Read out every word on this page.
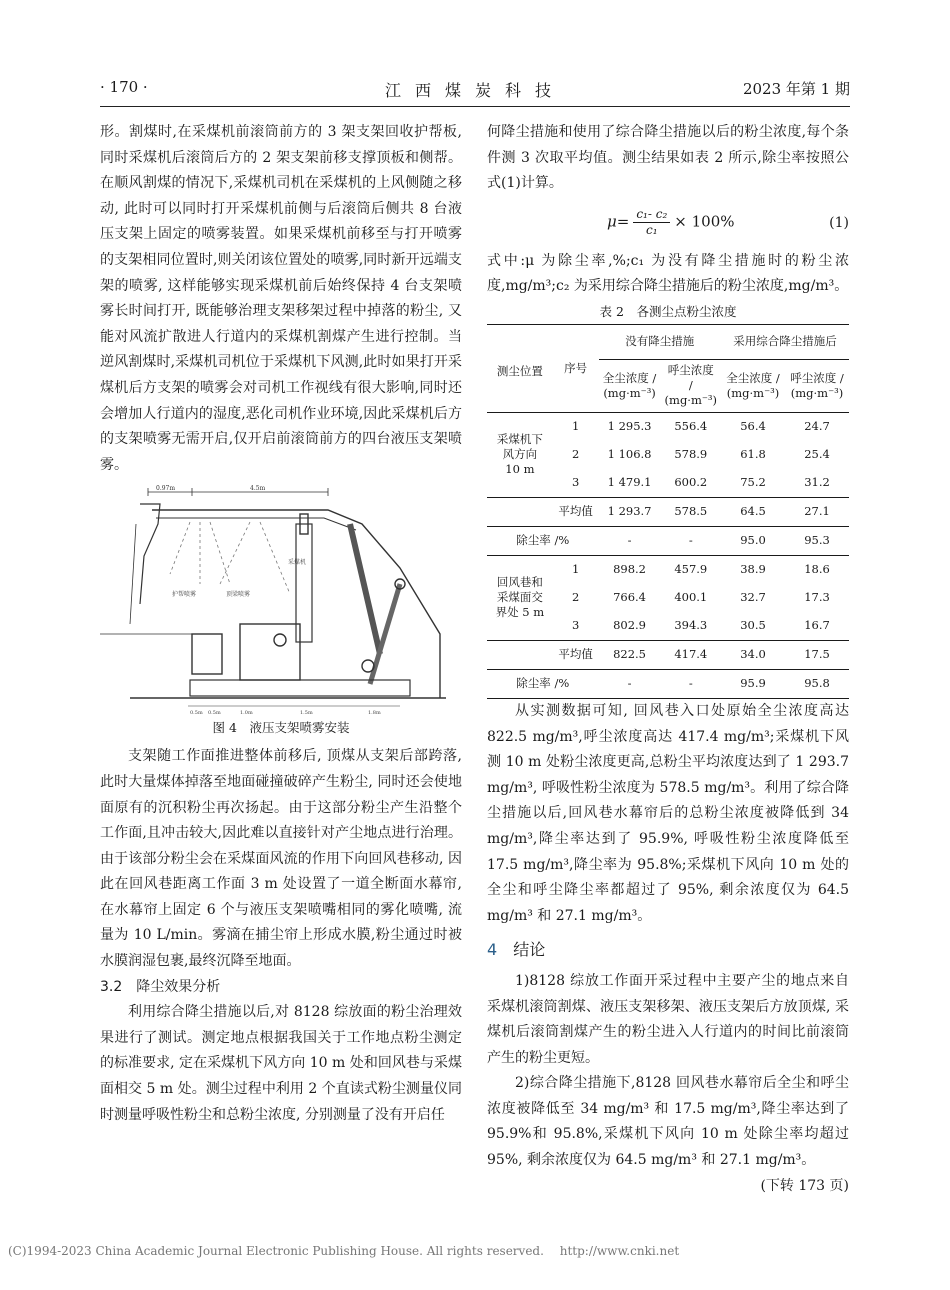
· 170 ·	江西煤炭科技	2023 年第 1 期

形。割煤时,在采煤机前滚筒前方的 3 架支架回收护帮板, 同时采煤机后滚筒后方的 2 架支架前移支撑顶板和侧帮。在顺风割煤的情况下,采煤机司机在采煤机的上风侧随之移动, 此时可以同时打开采煤机前侧与后滚筒后侧共 8 台液压支架上固定的喷雾装置。如果采煤机前移至与打开喷雾的支架相同位置时,则关闭该位置处的喷雾,同时新开远端支架的喷雾, 这样能够实现采煤机前后始终保持 4 台支架喷雾长时间打开, 既能够治理支架移架过程中掉落的粉尘, 又能对风流扩散进人行道内的采煤机割煤产生进行控制。当逆风割煤时,采煤机司机位于采煤机下风测,此时如果打开采煤机后方支架的喷雾会对司机工作视线有很大影响,同时还会增加人行道内的湿度,恶化司机作业环境,因此采煤机后方的支架喷雾无需开启,仅开启前滚筒前方的四台液压支架喷雾。

0.97m	4.5m
护帮喷雾	顶梁喷雾
采煤机
0.5m 0.5m	1.0m	1.5m	1.8m
图 4　液压支架喷雾安装

支架随工作面推进整体前移后, 顶煤从支架后部跨落, 此时大量煤体掉落至地面碰撞破碎产生粉尘, 同时还会使地面原有的沉积粉尘再次扬起。由于这部分粉尘产生沿整个工作面,且冲击较大,因此难以直接针对产尘地点进行治理。由于该部分粉尘会在采煤面风流的作用下向回风巷移动, 因此在回风巷距离工作面 3 m 处设置了一道全断面水幕帘, 在水幕帘上固定 6 个与液压支架喷嘴相同的雾化喷嘴, 流量为 10 L/min。雾滴在捕尘帘上形成水膜,粉尘通过时被水膜润湿包裹,最终沉降至地面。

3.2　降尘效果分析

利用综合降尘措施以后,对 8128 综放面的粉尘治理效果进行了测试。测定地点根据我国关于工作地点粉尘测定的标准要求, 定在采煤机下风方向 10 m 处和回风巷与采煤面相交 5 m 处。测尘过程中利用 2 个直读式粉尘测量仪同时测量呼吸性粉尘和总粉尘浓度, 分别测量了没有开启任

何降尘措施和使用了综合降尘措施以后的粉尘浓度,每个条件测 3 次取平均值。测尘结果如表 2 所示,除尘率按照公式(1)计算。

$\mu= \frac{\text{c₁- c₂}}{\text{c₁}} \times 100\%$	(1)

式中:μ 为除尘率,%;c₁ 为没有降尘措施时的粉尘浓度,mg/m³;c₂ 为采用综合降尘措施后的粉尘浓度,mg/m³。

表 2　各测尘点粉尘浓度
测尘位置	序号	没有降尘措施		采用综合降尘措施后	
		全尘浓度 / (mg·m⁻³)	呼尘浓度 / (mg·m⁻³)	全尘浓度 / (mg·m⁻³)	呼尘浓度 / (mg·m⁻³)
采煤机下风方向 10 m	1	1 295.3	556.4	56.4	24.7
	2	1 106.8	578.9	61.8	25.4
	3	1 479.1	600.2	75.2	31.2
	平均值	1 293.7	578.5	64.5	27.1
除尘率 /%		-	-	95.0	95.3
回风巷和采煤面交界处 5 m	1	898.2	457.9	38.9	18.6
	2	766.4	400.1	32.7	17.3
	3	802.9	394.3	30.5	16.7
	平均值	822.5	417.4	34.0	17.5
除尘率 /%		-	-	95.9	95.8

从实测数据可知, 回风巷入口处原始全尘浓度高达 822.5 mg/m³,呼尘浓度高达 417.4 mg/m³;采煤机下风测 10 m 处粉尘浓度更高,总粉尘平均浓度达到了 1 293.7 mg/m³, 呼吸性粉尘浓度为 578.5 mg/m³。利用了综合降尘措施以后,回风巷水幕帘后的总粉尘浓度被降低到 34 mg/m³,降尘率达到了 95.9%, 呼吸性粉尘浓度降低至 17.5 mg/m³,降尘率为 95.8%;采煤机下风向 10 m 处的全尘和呼尘降尘率都超过了 95%, 剩余浓度仅为 64.5 mg/m³ 和 27.1 mg/m³。

4 结论

1)8128 综放工作面开采过程中主要产尘的地点来自采煤机滚筒割煤、液压支架移架、液压支架后方放顶煤, 采煤机后滚筒割煤产生的粉尘进入人行道内的时间比前滚筒产生的粉尘更短。

2)综合降尘措施下,8128 回风巷水幕帘后全尘和呼尘浓度被降低至 34 mg/m³ 和 17.5 mg/m³,降尘率达到了 95.9%和 95.8%,采煤机下风向 10 m 处除尘率均超过 95%, 剩余浓度仅为 64.5 mg/m³ 和 27.1 mg/m³。
(下转 173 页)

(C)1994-2023 China Academic Journal Electronic Publishing House. All rights reserved.　 http://www.cnki.net
